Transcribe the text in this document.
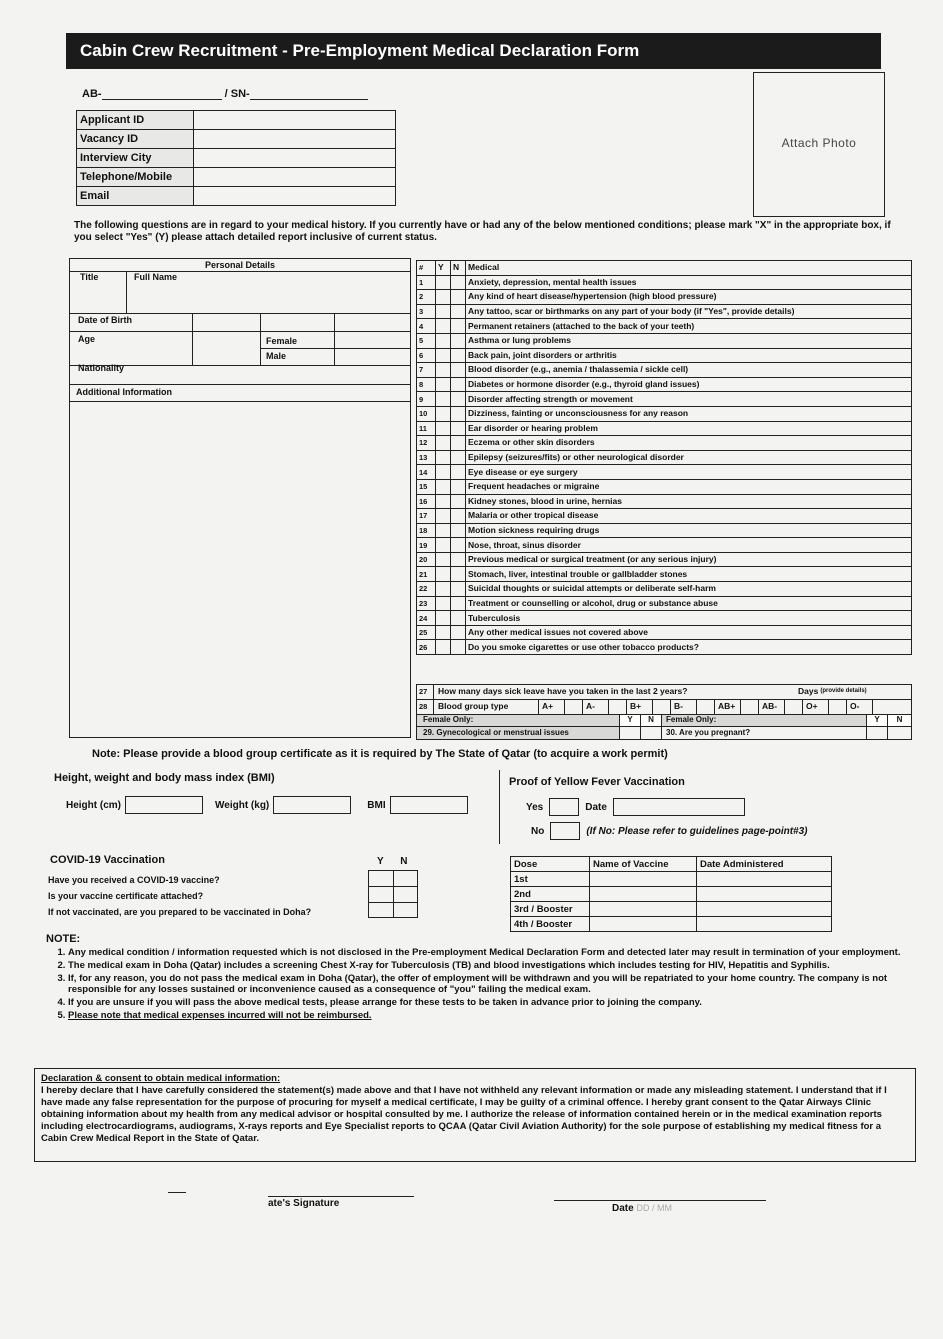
Cabin Crew Recruitment - Pre-Employment Medical Declaration Form
AB-	/ SN-
Applicant ID	
Vacancy ID	
Interview City	
Telephone/Mobile	
Email	
Attach Photo
The following questions are in regard to your medical history. If you currently have or had any of the below mentioned conditions; please mark "X" in the appropriate box, if you select "Yes" (Y) please attach detailed report inclusive of current status.
Personal Details
Title	Full Name
Date of Birth
Age	Female
Male
Nationality
Additional Information
#	Y	N	Medical
1			Anxiety, depression, mental health issues
2			Any kind of heart disease/hypertension (high blood pressure)
3			Any tattoo, scar or birthmarks on any part of your body (if "Yes", provide details)
4			Permanent retainers (attached to the back of your teeth)
5			Asthma or lung problems
6			Back pain, joint disorders or arthritis
7			Blood disorder (e.g., anemia / thalassemia / sickle cell)
8			Diabetes or hormone disorder (e.g., thyroid gland issues)
9			Disorder affecting strength or movement
10			Dizziness, fainting or unconsciousness for any reason
11			Ear disorder or hearing problem
12			Eczema or other skin disorders
13			Epilepsy (seizures/fits) or other neurological disorder
14			Eye disease or eye surgery
15			Frequent headaches or migraine
16			Kidney stones, blood in urine, hernias
17			Malaria or other tropical disease
18			Motion sickness requiring drugs
19			Nose, throat, sinus disorder
20			Previous medical or surgical treatment (or any serious injury)
21			Stomach, liver, intestinal trouble or gallbladder stones
22			Suicidal thoughts or suicidal attempts or deliberate self-harm
23			Treatment or counselling or alcohol, drug or substance abuse
24			Tuberculosis
25			Any other medical issues not covered above
26			Do you smoke cigarettes or use other tobacco products?
27	How many days sick leave have you taken in the last 2 years?	Days (provide details)
28	Blood group type	A+	A-	B+	B-	AB+	AB-	O+	O-
Female Only:	Y	N	Female Only:	Y	N
29. Gynecological or menstrual issues	30. Are you pregnant?
Note: Please provide a blood group certificate as it is required by The State of Qatar (to acquire a work permit)
Height, weight and body mass index (BMI)
Height (cm)	Weight (kg)	BMI
Proof of Yellow Fever Vaccination
Yes	Date
No	(If No: Please refer to guidelines page-point#3)
COVID-19 Vaccination	Y N
Have you received a COVID-19 vaccine?
Is your vaccine certificate attached?
If not vaccinated, are you prepared to be vaccinated in Doha?
Dose	Name of Vaccine	Date Administered
1st		
2nd		
3rd / Booster		
4th / Booster		
NOTE:
1. Any medical condition / information requested which is not disclosed in the Pre-employment Medical Declaration Form and detected later may result in termination of your employment.
2. The medical exam in Doha (Qatar) includes a screening Chest X-ray for Tuberculosis (TB) and blood investigations which includes testing for HIV, Hepatitis and Syphilis.
3. If, for any reason, you do not pass the medical exam in Doha (Qatar), the offer of employment will be withdrawn and you will be repatriated to your home country. The company is not responsible for any losses sustained or inconvenience caused as a consequence of "you" failing the medical exam.
4. If you are unsure if you will pass the above medical tests, please arrange for these tests to be taken in advance prior to joining the company.
5. Please note that medical expenses incurred will not be reimbursed.
Declaration & consent to obtain medical information:
I hereby declare that I have carefully considered the statement(s) made above and that I have not withheld any relevant information or made any misleading statement. I understand that if I have made any false representation for the purpose of procuring for myself a medical certificate, I may be guilty of a criminal offence. I hereby grant consent to the Qatar Airways Clinic obtaining information about my health from any medical advisor or hospital consulted by me. I authorize the release of information contained herein or in the medical examination reports including electrocardiograms, audiograms, X-rays reports and Eye Specialist reports to QCAA (Qatar Civil Aviation Authority) for the sole purpose of establishing my medical fitness for a Cabin Crew Medical Report in the State of Qatar.
ate's Signature	Date DD / MM
